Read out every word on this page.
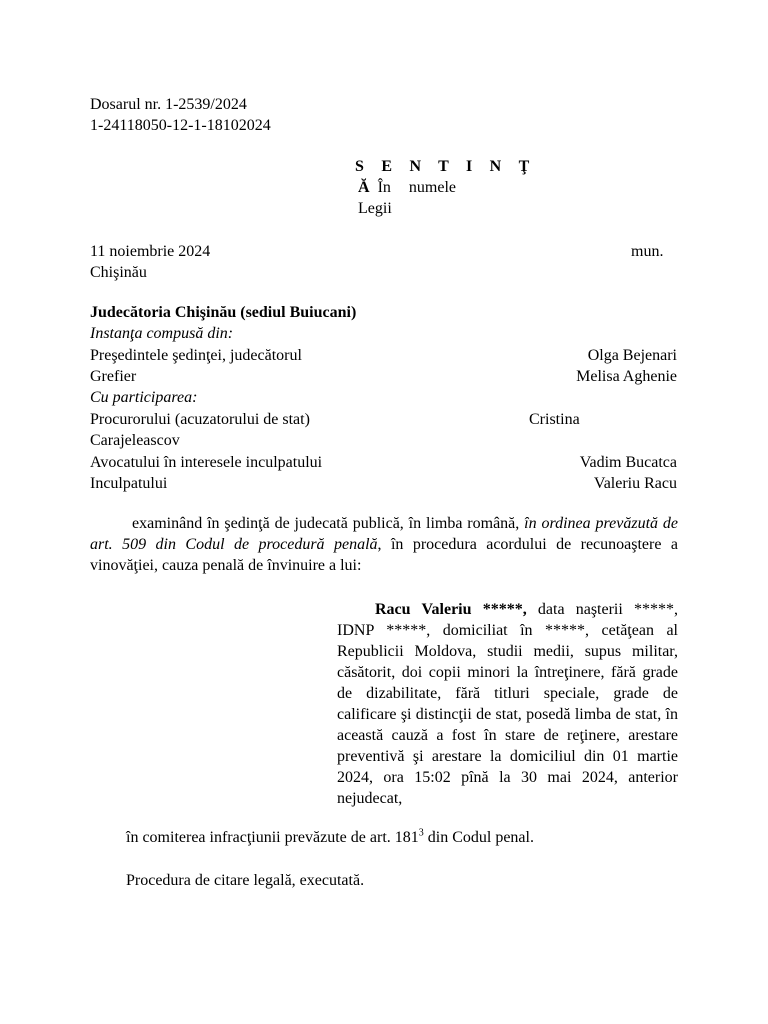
Dosarul nr. 1-2539/2024
1-24118050-12-1-18102024
S E N T I N Ţ
Ă În numele
Legii
11 noiembrie 2024	mun.
Chişinău
Judecătoria Chişinău (sediul Buiucani)
Instanţa compusă din:
Preşedintele şedinţei, judecătorul	Olga Bejenari
Grefier	Melisa Aghenie
Cu participarea:
Procurorului (acuzatorului de stat)	Cristina
Carajeleascov
Avocatului în interesele inculpatului	Vadim Bucatca
Inculpatului	Valeriu Racu
examinând în şedinţă de judecată publică, în limba română, în ordinea prevăzută de art. 509 din Codul de procedură penală, în procedura acordului de recunoaştere a vinovăţiei, cauza penală de învinuire a lui:
Racu Valeriu *****, data naşterii *****, IDNP *****, domiciliat în *****, cetăţean al Republicii Moldova, studii medii, supus militar, căsătorit, doi copii minori la întreţinere, fără grade de dizabilitate, fără titluri speciale, grade de calificare şi distincţii de stat, posedă limba de stat, în această cauză a fost în stare de reţinere, arestare preventivă şi arestare la domiciliul din 01 martie 2024, ora 15:02 pînă la 30 mai 2024, anterior nejudecat,
în comiterea infracţiunii prevăzute de art. $181^3$ din Codul penal.
Procedura de citare legală, executată.
